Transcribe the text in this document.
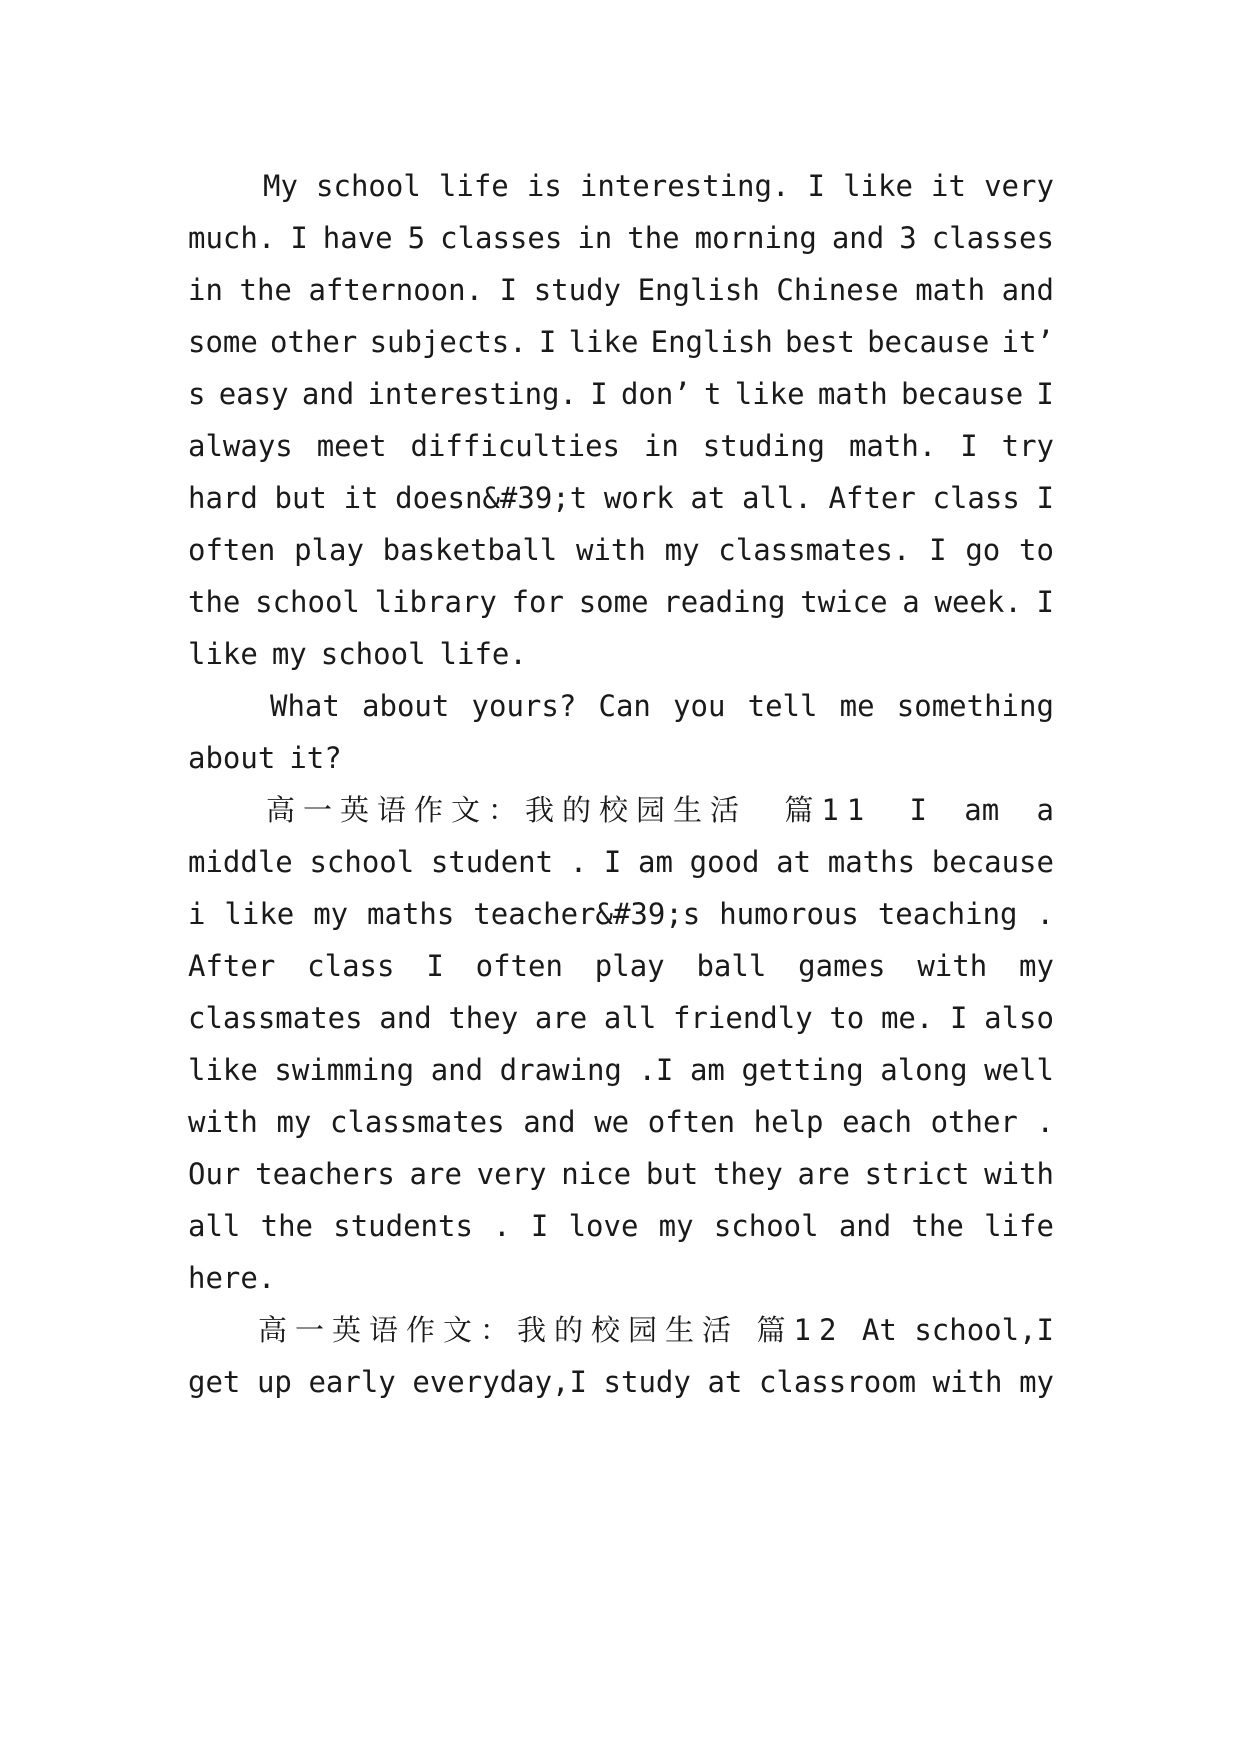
My school life is interesting. I like it very
much. I have 5 classes in the morning and 3 classes
in the afternoon. I study English Chinese math and
some other subjects. I like English best because it’
s easy and interesting. I don’ t like math because I
always meet difficulties in studing math. I try
hard but it doesn&#39;t work at all. After class I
often play basketball with my classmates. I go to
the school library for some reading twice a week. I
like my school life.
What about yours? Can you tell me something
about it?
高一英语作文：我的校园生活 篇11 I am a
middle school student . I am good at maths because
i like my maths teacher&#39;s humorous teaching .
After class I often play ball games with my
classmates and they are all friendly to me. I also
like swimming and drawing .I am getting along well
with my classmates and we often help each other .
Our teachers are very nice but they are strict with
all the students . I love my school and the life
here.
高一英语作文：我的校园生活 篇12 At school,I
get up early everyday,I study at classroom with my
